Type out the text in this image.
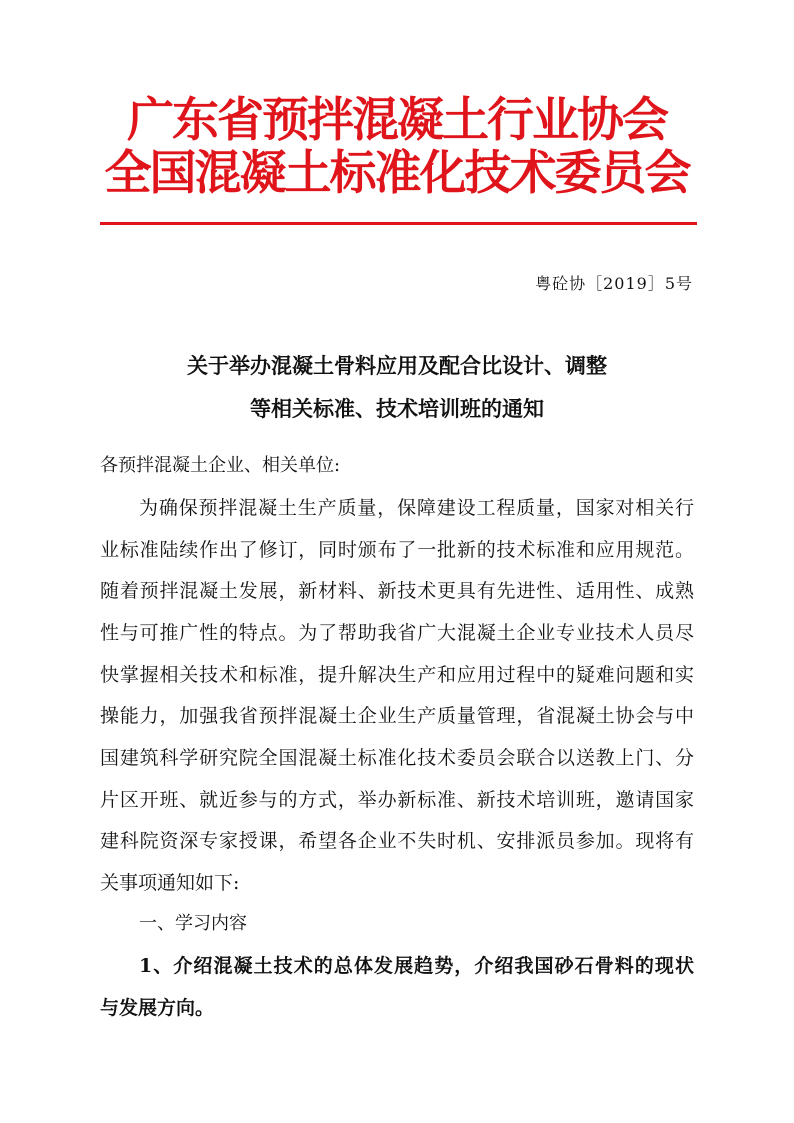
广东省预拌混凝土行业协会
全国混凝土标准化技术委员会
粤砼协［2019］5号
关于举办混凝土骨料应用及配合比设计、调整
等相关标准、技术培训班的通知
各预拌混凝土企业、相关单位:
为确保预拌混凝土生产质量，保障建设工程质量，国家对相关行
业标准陆续作出了修订，同时颁布了一批新的技术标准和应用规范。
随着预拌混凝土发展，新材料、新技术更具有先进性、适用性、成熟
性与可推广性的特点。为了帮助我省广大混凝土企业专业技术人员尽
快掌握相关技术和标准，提升解决生产和应用过程中的疑难问题和实
操能力，加强我省预拌混凝土企业生产质量管理，省混凝土协会与中
国建筑科学研究院全国混凝土标准化技术委员会联合以送教上门、分
片区开班、就近参与的方式，举办新标准、新技术培训班，邀请国家
建科院资深专家授课，希望各企业不失时机、安排派员参加。现将有
关事项通知如下:
一、学习内容
1、介绍混凝土技术的总体发展趋势，介绍我国砂石骨料的现状
与发展方向。
